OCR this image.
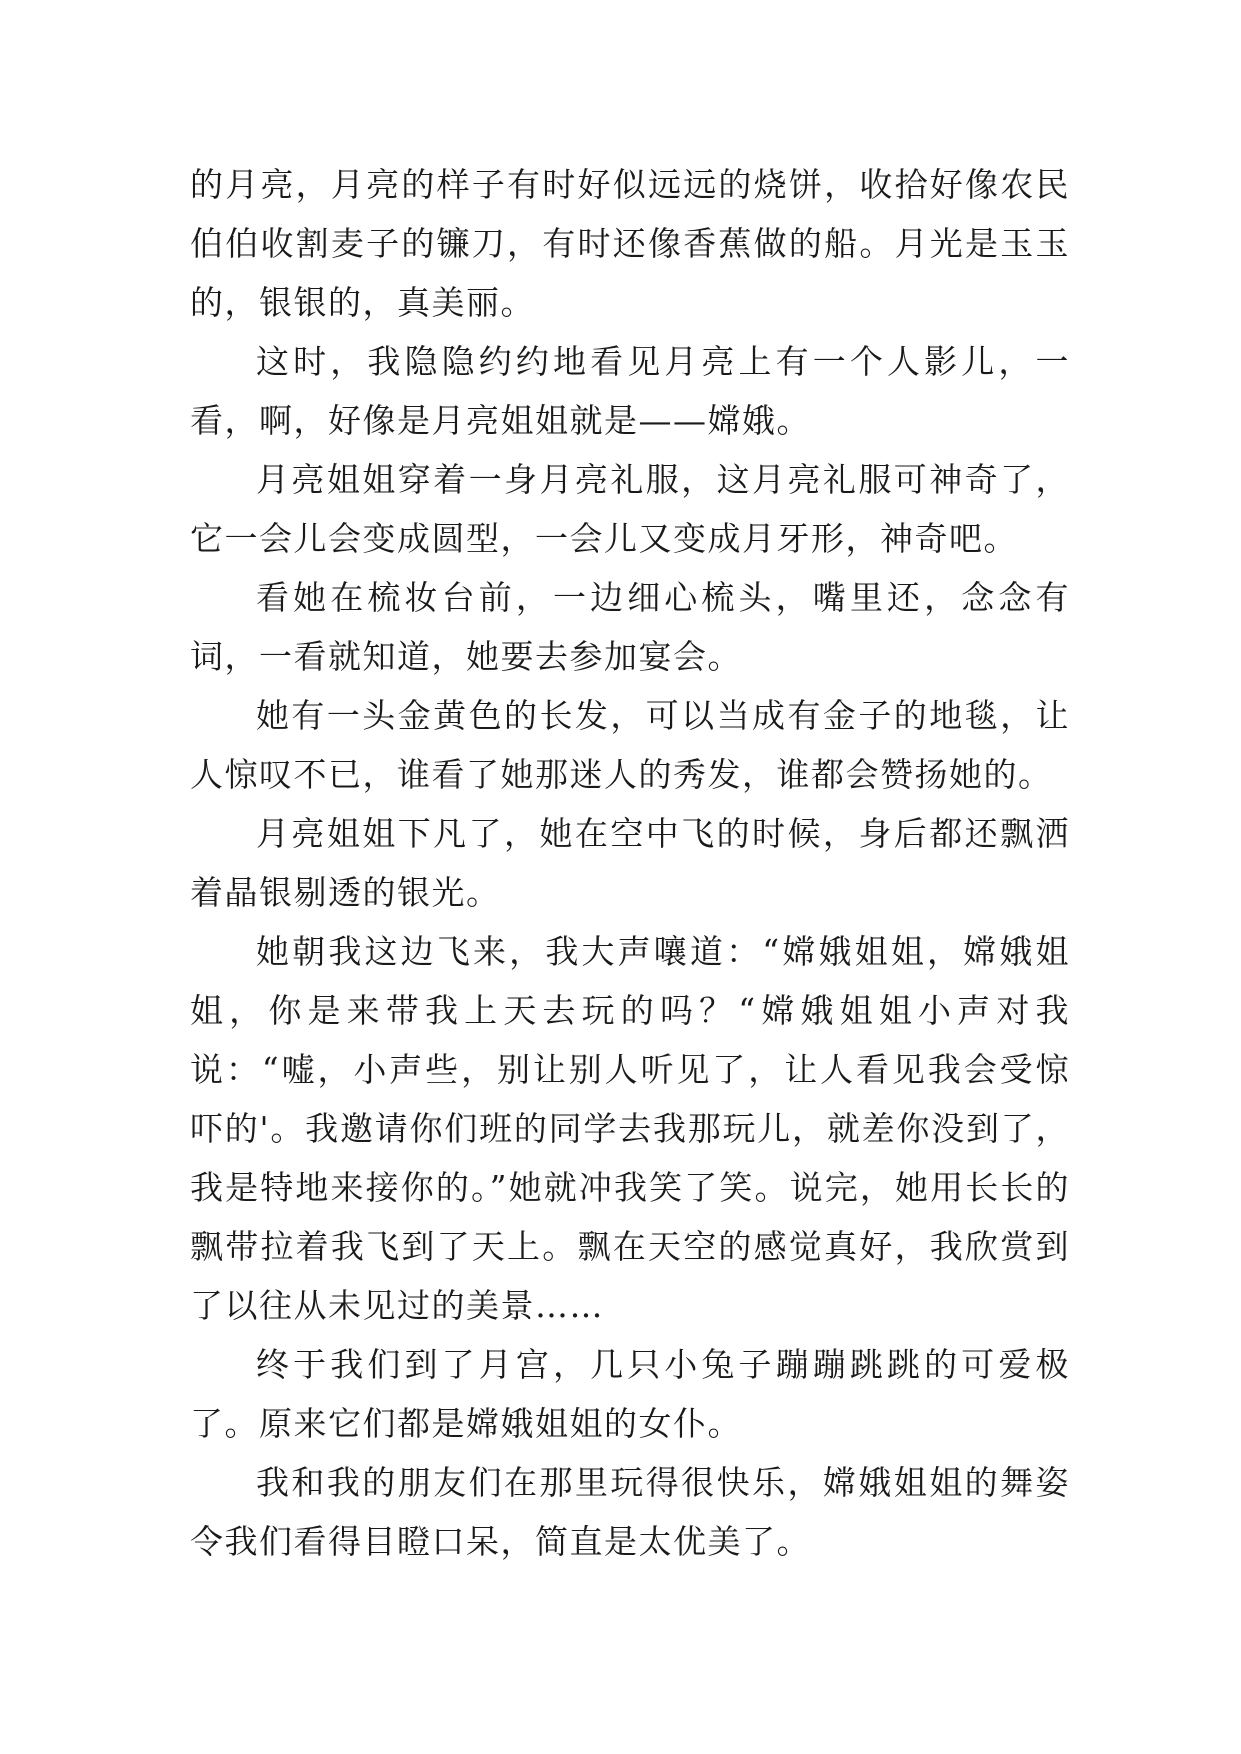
的月亮，月亮的样子有时好似远远的烧饼，收拾好像农民伯伯收割麦子的镰刀，有时还像香蕉做的船。月光是玉玉的，银银的，真美丽。

这时，我隐隐约约地看见月亮上有一个人影儿，一看，啊，好像是月亮姐姐就是——嫦娥。

月亮姐姐穿着一身月亮礼服，这月亮礼服可神奇了，它一会儿会变成圆型，一会儿又变成月牙形，神奇吧。

看她在梳妆台前，一边细心梳头，嘴里还，念念有词，一看就知道，她要去参加宴会。

她有一头金黄色的长发，可以当成有金子的地毯，让人惊叹不已，谁看了她那迷人的秀发，谁都会赞扬她的。

月亮姐姐下凡了，她在空中飞的时候，身后都还飘洒着晶银剔透的银光。

她朝我这边飞来，我大声嚷道：“嫦娥姐姐，嫦娥姐姐，你是来带我上天去玩的吗？“嫦娥姐姐小声对我说：“嘘，小声些，别让别人听见了，让人看见我会受惊吓的'。我邀请你们班的同学去我那玩儿，就差你没到了，我是特地来接你的。”她就冲我笑了笑。说完，她用长长的飘带拉着我飞到了天上。飘在天空的感觉真好，我欣赏到了以往从未见过的美景……

终于我们到了月宫，几只小兔子蹦蹦跳跳的可爱极了。原来它们都是嫦娥姐姐的女仆。

我和我的朋友们在那里玩得很快乐，嫦娥姐姐的舞姿令我们看得目瞪口呆，简直是太优美了。
